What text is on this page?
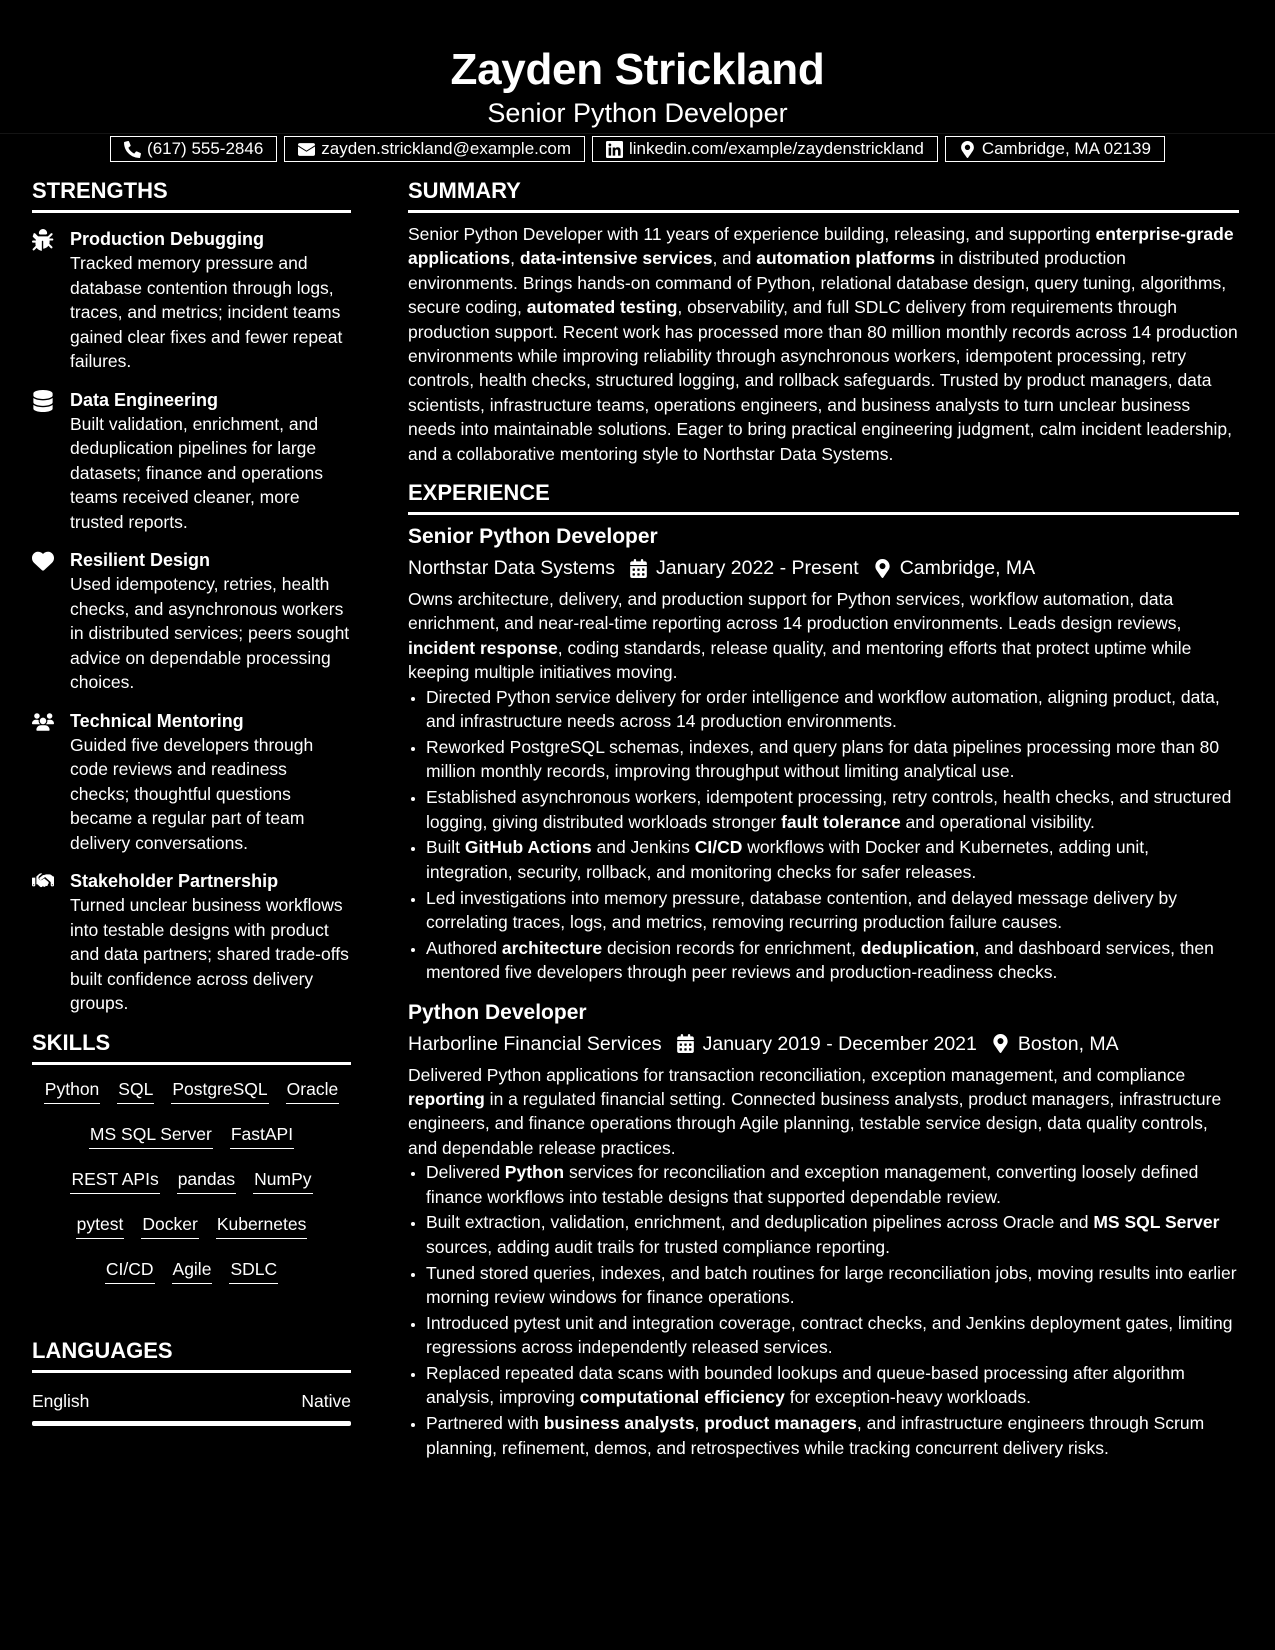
Zayden Strickland
Senior Python Developer
(617) 555-2846	zayden.strickland@example.com	linkedin.com/example/zaydenstrickland	Cambridge, MA 02139
STRENGTHS
Production Debugging
Tracked memory pressure and database contention through logs, traces, and metrics; incident teams gained clear fixes and fewer repeat failures.
Data Engineering
Built validation, enrichment, and deduplication pipelines for large datasets; finance and operations teams received cleaner, more trusted reports.
Resilient Design
Used idempotency, retries, health checks, and asynchronous workers in distributed services; peers sought advice on dependable processing choices.
Technical Mentoring
Guided five developers through code reviews and readiness checks; thoughtful questions became a regular part of team delivery conversations.
Stakeholder Partnership
Turned unclear business workflows into testable designs with product and data partners; shared trade-offs built confidence across delivery groups.
SKILLS
Python SQL PostgreSQL Oracle
MS SQL Server FastAPI
REST APIs pandas NumPy
pytest Docker Kubernetes
CI/CD Agile SDLC
LANGUAGES
English	Native
SUMMARY

Senior Python Developer with 11 years of experience building, releasing, and supporting enterprise-grade applications, data-intensive services, and automation platforms in distributed production environments. Brings hands-on command of Python, relational database design, query tuning, algorithms, secure coding, automated testing, observability, and full SDLC delivery from requirements through production support. Recent work has processed more than 80 million monthly records across 14 production environments while improving reliability through asynchronous workers, idempotent processing, retry controls, health checks, structured logging, and rollback safeguards. Trusted by product managers, data scientists, infrastructure teams, operations engineers, and business analysts to turn unclear business needs into maintainable solutions. Eager to bring practical engineering judgment, calm incident leadership, and a collaborative mentoring style to Northstar Data Systems.

EXPERIENCE
Senior Python Developer
Northstar Data Systems January 2022 - Present Cambridge, MA
Owns architecture, delivery, and production support for Python services, workflow automation, data enrichment, and near-real-time reporting across 14 production environments. Leads design reviews, incident response, coding standards, release quality, and mentoring efforts that protect uptime while keeping multiple initiatives moving.
• Directed Python service delivery for order intelligence and workflow automation, aligning product, data, and infrastructure needs across 14 production environments.
• Reworked PostgreSQL schemas, indexes, and query plans for data pipelines processing more than 80 million monthly records, improving throughput without limiting analytical use.
• Established asynchronous workers, idempotent processing, retry controls, health checks, and structured logging, giving distributed workloads stronger fault tolerance and operational visibility.
• Built GitHub Actions and Jenkins CI/CD workflows with Docker and Kubernetes, adding unit, integration, security, rollback, and monitoring checks for safer releases.
• Led investigations into memory pressure, database contention, and delayed message delivery by correlating traces, logs, and metrics, removing recurring production failure causes.
• Authored architecture decision records for enrichment, deduplication, and dashboard services, then mentored five developers through peer reviews and production-readiness checks.
Python Developer
Harborline Financial Services January 2019 - December 2021 Boston, MA
Delivered Python applications for transaction reconciliation, exception management, and compliance reporting in a regulated financial setting. Connected business analysts, product managers, infrastructure engineers, and finance operations through Agile planning, testable service design, data quality controls, and dependable release practices.
• Delivered Python services for reconciliation and exception management, converting loosely defined finance workflows into testable designs that supported dependable review.
• Built extraction, validation, enrichment, and deduplication pipelines across Oracle and MS SQL Server sources, adding audit trails for trusted compliance reporting.
• Tuned stored queries, indexes, and batch routines for large reconciliation jobs, moving results into earlier morning review windows for finance operations.
• Introduced pytest unit and integration coverage, contract checks, and Jenkins deployment gates, limiting regressions across independently released services.
• Replaced repeated data scans with bounded lookups and queue-based processing after algorithm analysis, improving computational efficiency for exception-heavy workloads.
• Partnered with business analysts, product managers, and infrastructure engineers through Scrum planning, refinement, demos, and retrospectives while tracking concurrent delivery risks.
